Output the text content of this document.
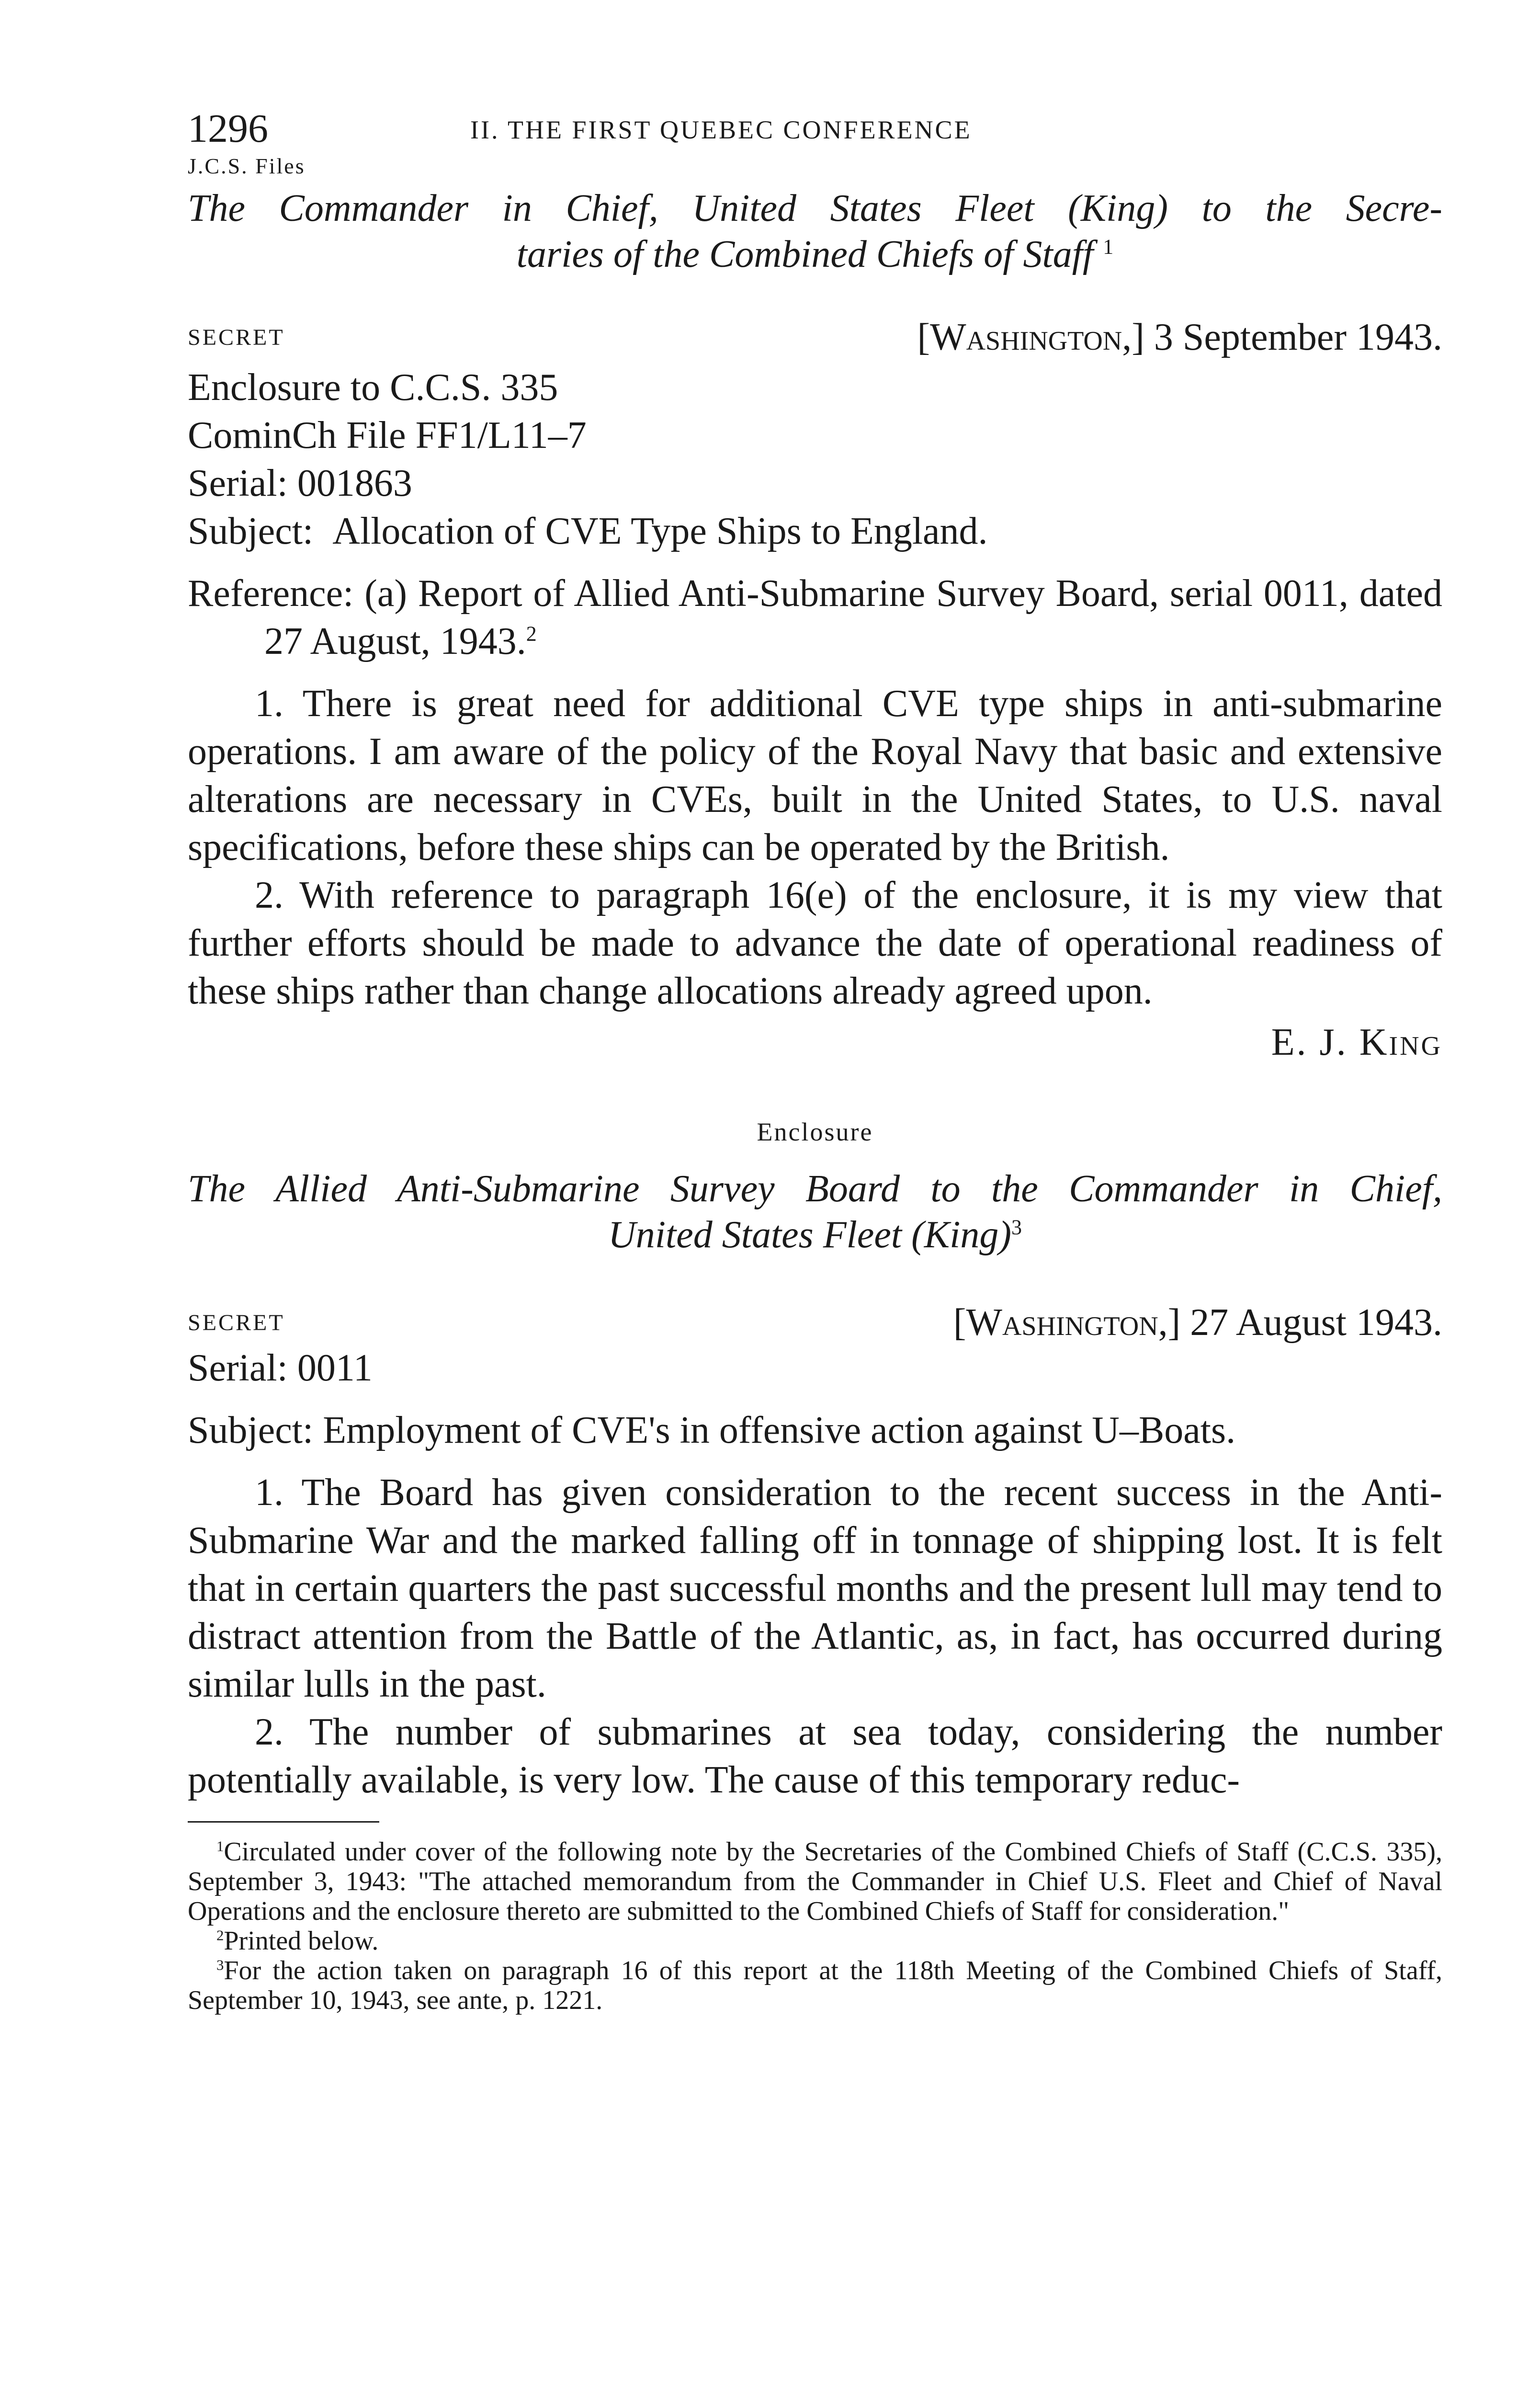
1296	II. THE FIRST QUEBEC CONFERENCE
J.C.S. Files
The Commander in Chief, United States Fleet (King) to the Secre-
taries of the Combined Chiefs of Staff $^1$
SECRET	[Washington,] 3 September 1943.
Enclosure to C.C.S. 335
CominCh File FF1/L11–7
Serial: 001863
Subject: Allocation of CVE Type Ships to England.
Reference: (a) Report of Allied Anti-Submarine Survey Board, serial 0011, dated 27 August, 1943.$^2$
1. There is great need for additional CVE type ships in anti-submarine operations. I am aware of the policy of the Royal Navy that basic and extensive alterations are necessary in CVEs, built in the United States, to U.S. naval specifications, before these ships can be operated by the British.
2. With reference to paragraph 16(e) of the enclosure, it is my view that further efforts should be made to advance the date of operational readiness of these ships rather than change allocations already agreed upon.
E. J. King
Enclosure
The Allied Anti-Submarine Survey Board to the Commander in Chief,
United States Fleet (King)$^3$
SECRET	[Washington,] 27 August 1943.
Serial: 0011
Subject: Employment of CVE's in offensive action against U–Boats.
1. The Board has given consideration to the recent success in the Anti-Submarine War and the marked falling off in tonnage of shipping lost. It is felt that in certain quarters the past successful months and the present lull may tend to distract attention from the Battle of the Atlantic, as, in fact, has occurred during similar lulls in the past.
2. The number of submarines at sea today, considering the number potentially available, is very low. The cause of this temporary reduc-
$^1$Circulated under cover of the following note by the Secretaries of the Combined Chiefs of Staff (C.C.S. 335), September 3, 1943: "The attached memorandum from the Commander in Chief U.S. Fleet and Chief of Naval Operations and the enclosure thereto are submitted to the Combined Chiefs of Staff for consideration."
$^2$Printed below.
$^3$For the action taken on paragraph 16 of this report at the 118th Meeting of the Combined Chiefs of Staff, September 10, 1943, see ante, p. 1221.
